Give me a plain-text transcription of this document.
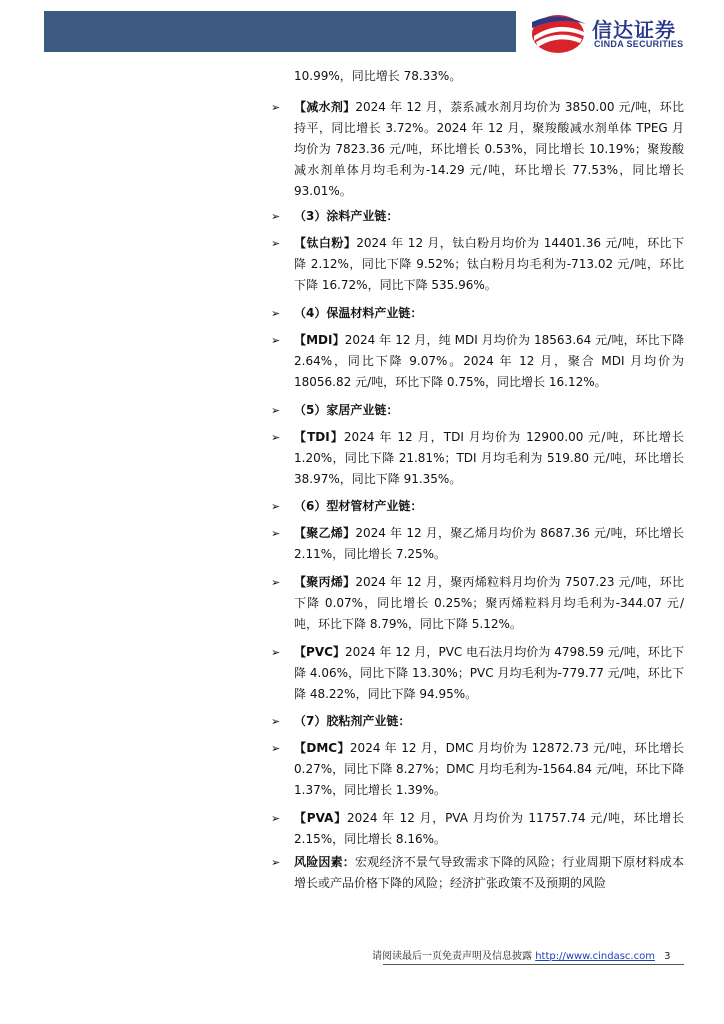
信达证券
CINDA SECURITIES
10.99%，同比增长 78.33%。
➢ 【减水剂】2024 年 12 月，萘系减水剂月均价为 3850.00 元/吨，环比持平，同比增长 3.72%。2024 年 12 月，聚羧酸减水剂单体 TPEG 月均价为 7823.36 元/吨，环比增长 0.53%，同比增长 10.19%；聚羧酸减水剂单体月均毛利为-14.29 元/吨，环比增长 77.53%，同比增长 93.01%。
➢ （3）涂料产业链：
➢ 【钛白粉】2024 年 12 月，钛白粉月均价为 14401.36 元/吨，环比下降 2.12%，同比下降 9.52%；钛白粉月均毛利为-713.02 元/吨，环比下降 16.72%，同比下降 535.96%。
➢ （4）保温材料产业链：
➢ 【MDI】2024 年 12 月，纯 MDI 月均价为 18563.64 元/吨，环比下降 2.64%，同比下降 9.07%。2024 年 12 月，聚合 MDI 月均价为 18056.82 元/吨，环比下降 0.75%，同比增长 16.12%。
➢ （5）家居产业链：
➢ 【TDI】2024 年 12 月，TDI 月均价为 12900.00 元/吨，环比增长 1.20%，同比下降 21.81%；TDI 月均毛利为 519.80 元/吨，环比增长 38.97%，同比下降 91.35%。
➢ （6）型材管材产业链：
➢ 【聚乙烯】2024 年 12 月，聚乙烯月均价为 8687.36 元/吨，环比增长 2.11%，同比增长 7.25%。
➢ 【聚丙烯】2024 年 12 月，聚丙烯粒料月均价为 7507.23 元/吨，环比下降 0.07%，同比增长 0.25%；聚丙烯粒料月均毛利为-344.07 元/吨，环比下降 8.79%，同比下降 5.12%。
➢ 【PVC】2024 年 12 月，PVC 电石法月均价为 4798.59 元/吨，环比下降 4.06%，同比下降 13.30%；PVC 月均毛利为-779.77 元/吨，环比下降 48.22%，同比下降 94.95%。
➢ （7）胶粘剂产业链：
➢ 【DMC】2024 年 12 月，DMC 月均价为 12872.73 元/吨，环比增长 0.27%，同比下降 8.27%；DMC 月均毛利为-1564.84 元/吨，环比下降 1.37%，同比增长 1.39%。
➢ 【PVA】2024 年 12 月，PVA 月均价为 11757.74 元/吨，环比增长 2.15%，同比增长 8.16%。
➢ 风险因素：宏观经济不景气导致需求下降的风险；行业周期下原材料成本增长或产品价格下降的风险；经济扩张政策不及预期的风险
请阅读最后一页免责声明及信息披露 http://www.cindasc.com 3
